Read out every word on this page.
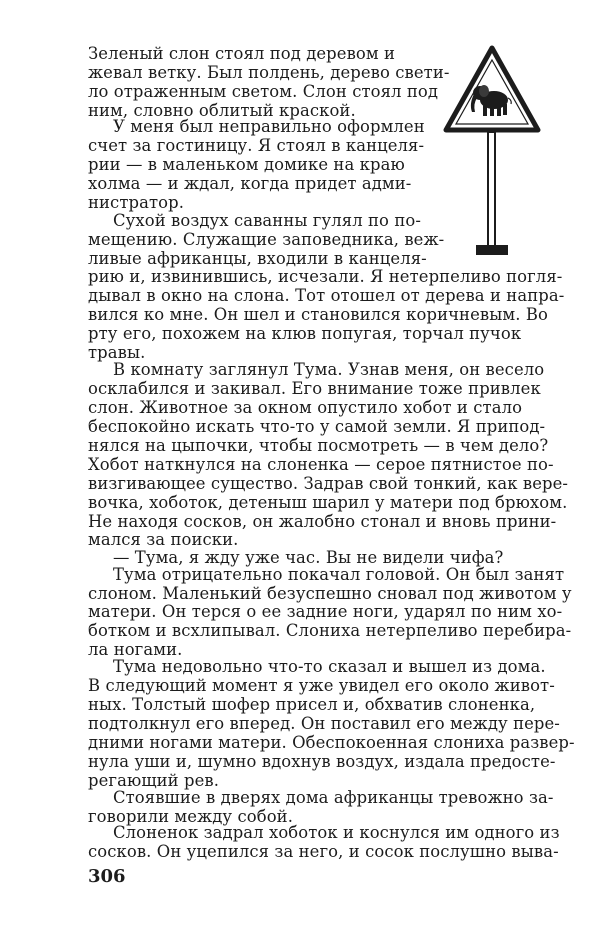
Зеленый слон стоял под деревом и
жевал ветку. Был полдень, дерево свети-
ло отраженным светом. Слон стоял под
ним, словно облитый краской.
У меня был неправильно оформлен
счет за гостиницу. Я стоял в канцеля-
рии — в маленьком домике на краю
холма — и ждал, когда придет адми-
нистратор.
Сухой воздух саванны гулял по по-
мещению. Служащие заповедника, веж-
ливые африканцы, входили в канцеля-
рию и, извинившись, исчезали. Я нетерпеливо погля-
дывал в окно на слона. Тот отошел от дерева и напра-
вился ко мне. Он шел и становился коричневым. Во
рту его, похожем на клюв попугая, торчал пучок
травы.
В комнату заглянул Тума. Узнав меня, он весело
осклабился и закивал. Его внимание тоже привлек
слон. Животное за окном опустило хобот и стало
беспокойно искать что-то у самой земли. Я припод-
нялся на цыпочки, чтобы посмотреть — в чем дело?
Хобот наткнулся на слоненка — серое пятнистое по-
визгивающее существо. Задрав свой тонкий, как вере-
вочка, хоботок, детеныш шарил у матери под брюхом.
Не находя сосков, он жалобно стонал и вновь прини-
мался за поиски.
— Тума, я жду уже час. Вы не видели чифа?
Тума отрицательно покачал головой. Он был занят
слоном. Маленький безуспешно сновал под животом у
матери. Он терся о ее задние ноги, ударял по ним хо-
ботком и всхлипывал. Слониха нетерпеливо перебира-
ла ногами.
Тума недовольно что-то сказал и вышел из дома.
В следующий момент я уже увидел его около живот-
ных. Толстый шофер присел и, обхватив слоненка,
подтолкнул его вперед. Он поставил его между пере-
дними ногами матери. Обеспокоенная слониха развер-
нула уши и, шумно вдохнув воздух, издала предосте-
регающий рев.
Стоявшие в дверях дома африканцы тревожно за-
говорили между собой.
Слоненок задрал хоботок и коснулся им одного из
сосков. Он уцепился за него, и сосок послушно выва-
306
